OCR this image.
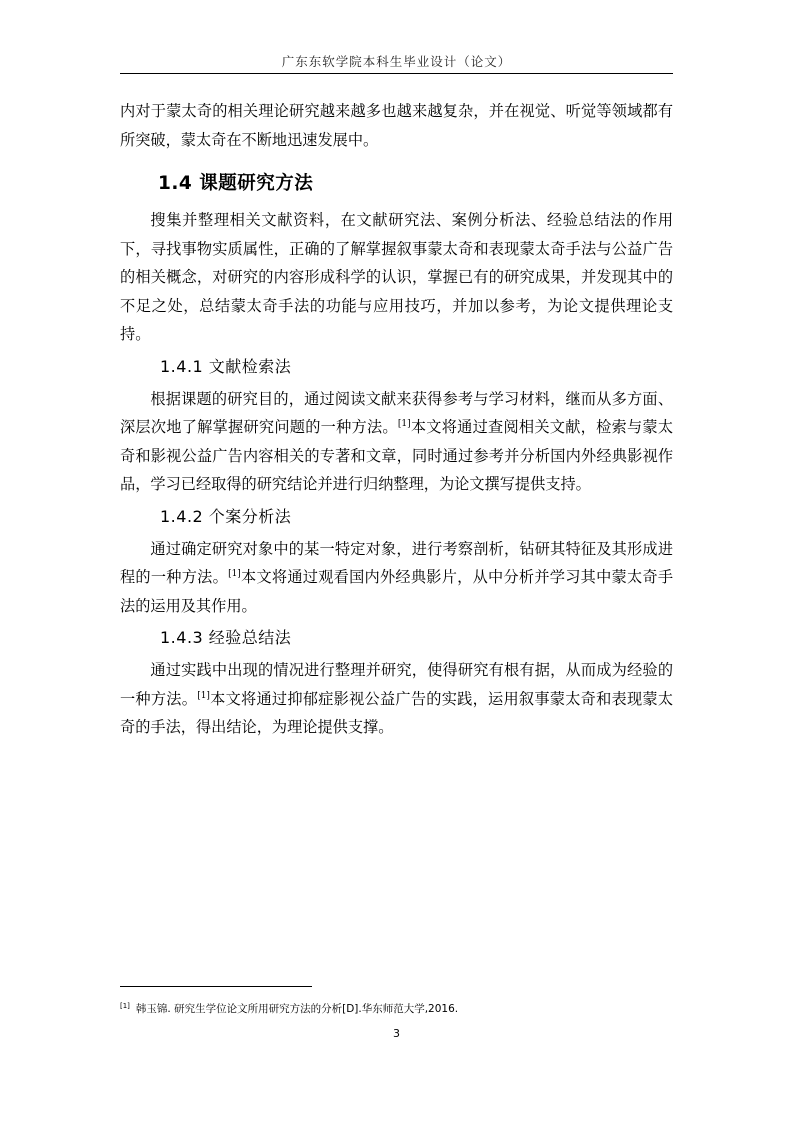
广东东软学院本科生毕业设计（论文）

内对于蒙太奇的相关理论研究越来越多也越来越复杂，并在视觉、听觉等领域都有所突破，蒙太奇在不断地迅速发展中。

1.4 课题研究方法

搜集并整理相关文献资料，在文献研究法、案例分析法、经验总结法的作用下，寻找事物实质属性，正确的了解掌握叙事蒙太奇和表现蒙太奇手法与公益广告的相关概念，对研究的内容形成科学的认识，掌握已有的研究成果，并发现其中的不足之处，总结蒙太奇手法的功能与应用技巧，并加以参考，为论文提供理论支持。

1.4.1 文献检索法

根据课题的研究目的，通过阅读文献来获得参考与学习材料，继而从多方面、深层次地了解掌握研究问题的一种方法。[1]本文将通过查阅相关文献，检索与蒙太奇和影视公益广告内容相关的专著和文章，同时通过参考并分析国内外经典影视作品，学习已经取得的研究结论并进行归纳整理，为论文撰写提供支持。

1.4.2 个案分析法

通过确定研究对象中的某一特定对象，进行考察剖析，钻研其特征及其形成进程的一种方法。[1]本文将通过观看国内外经典影片，从中分析并学习其中蒙太奇手法的运用及其作用。

1.4.3 经验总结法

通过实践中出现的情况进行整理并研究，使得研究有根有据，从而成为经验的一种方法。[1]本文将通过抑郁症影视公益广告的实践，运用叙事蒙太奇和表现蒙太奇的手法，得出结论，为理论提供支撑。

[1] 韩玉锦. 研究生学位论文所用研究方法的分析[D].华东师范大学,2016.
3
